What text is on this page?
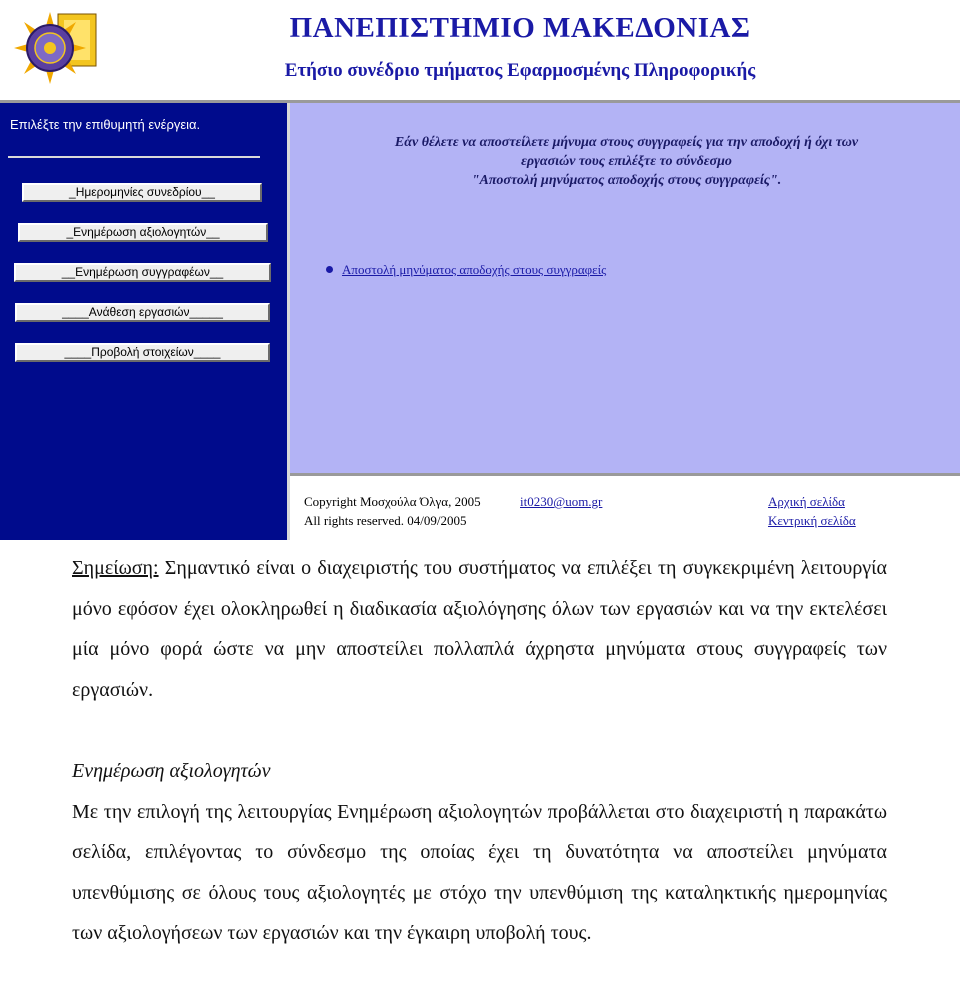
ΠΑΝΕΠΙΣΤΗΜΙΟ ΜΑΚΕΔΟΝΙΑΣ
Ετήσιο συνέδριο τμήματος Εφαρμοσμένης Πληροφορικής
Επιλέξτε την επιθυμητή ενέργεια.
_Ημερομηνίες συνεδρίου__
_Ενημέρωση αξιολογητών__
__Ενημέρωση συγγραφέων__
____Ανάθεση εργασιών_____
____Προβολή στοιχείων____
Εάν θέλετε να αποστείλετε μήνυμα στους συγγραφείς για την αποδοχή ή όχι των
εργασιών τους επιλέξτε το σύνδεσμο
"Αποστολή μηνύματος αποδοχής στους συγγραφείς".
Αποστολή μηνύματος αποδοχής στους συγγραφείς
Copyright Μοσχούλα Όλγα, 2005	it0230@uom.gr
All rights reserved. 04/09/2005
Αρχική σελίδα
Κεντρική σελίδα

Σημείωση: Σημαντικό είναι ο διαχειριστής του συστήματος να επιλέξει τη συγκεκριμένη λειτουργία μόνο εφόσον έχει ολοκληρωθεί η διαδικασία αξιολόγησης όλων των εργασιών και να την εκτελέσει μία μόνο φορά ώστε να μην αποστείλει πολλαπλά άχρηστα μηνύματα στους συγγραφείς των εργασιών.

Ενημέρωση αξιολογητών

Με την επιλογή της λειτουργίας Ενημέρωση αξιολογητών προβάλλεται στο διαχειριστή η παρακάτω σελίδα, επιλέγοντας το σύνδεσμο της οποίας έχει τη δυνατότητα να αποστείλει μηνύματα υπενθύμισης σε όλους τους αξιολογητές με στόχο την υπενθύμιση της καταληκτικής ημερομηνίας των αξιολογήσεων των εργασιών και την έγκαιρη υποβολή τους.
